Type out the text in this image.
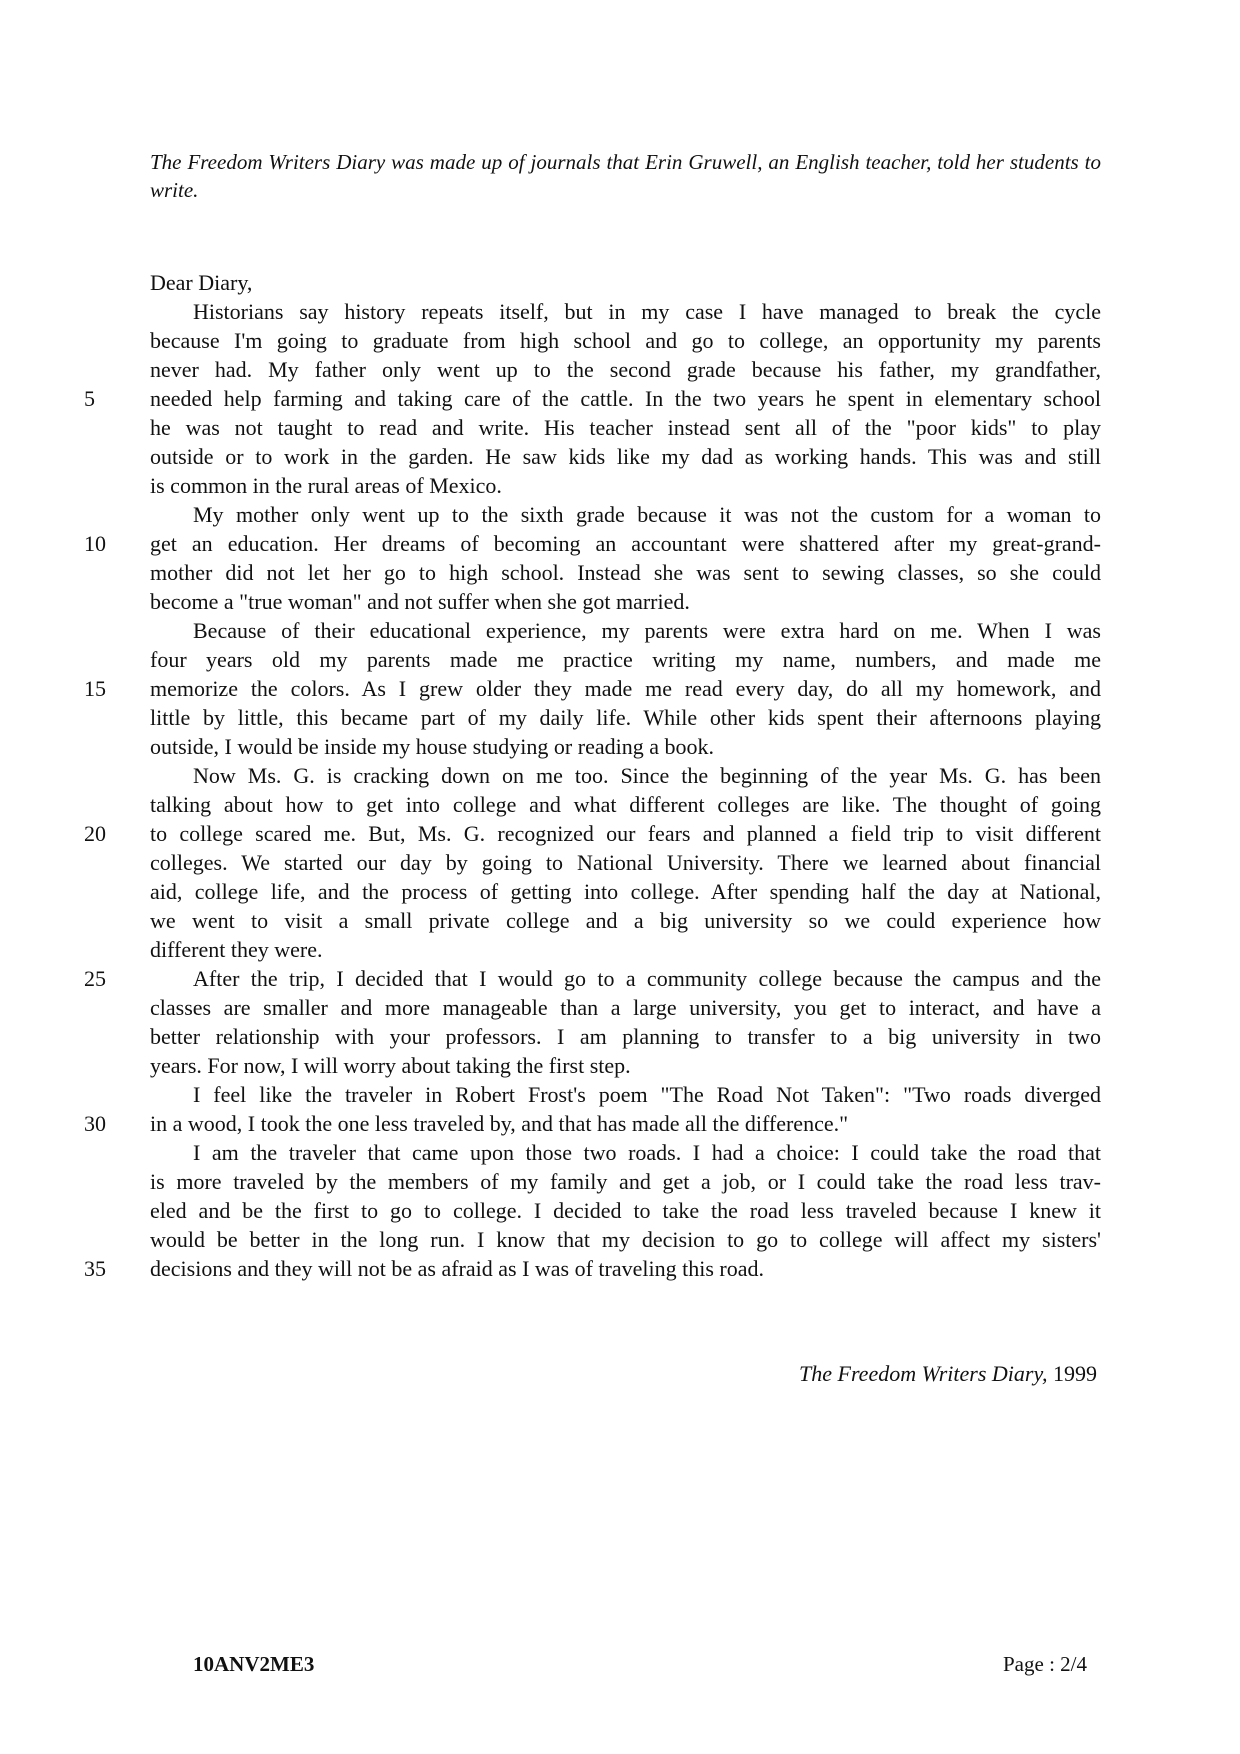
The Freedom Writers Diary was made up of journals that Erin Gruwell, an English teacher, told her students to write.
Dear Diary,
Historians say history repeats itself, but in my case I have managed to break the cycle
because I'm going to graduate from high school and go to college, an opportunity my parents
never had. My father only went up to the second grade because his father, my grandfather,
5	needed help farming and taking care of the cattle. In the two years he spent in elementary school
he was not taught to read and write. His teacher instead sent all of the "poor kids" to play
outside or to work in the garden. He saw kids like my dad as working hands. This was and still
is common in the rural areas of Mexico.
My mother only went up to the sixth grade because it was not the custom for a woman to
10	get an education. Her dreams of becoming an accountant were shattered after my great-grand-
mother did not let her go to high school. Instead she was sent to sewing classes, so she could
become a "true woman" and not suffer when she got married.
Because of their educational experience, my parents were extra hard on me. When I was
four years old my parents made me practice writing my name, numbers, and made me
15	memorize the colors. As I grew older they made me read every day, do all my homework, and
little by little, this became part of my daily life. While other kids spent their afternoons playing
outside, I would be inside my house studying or reading a book.
Now Ms. G. is cracking down on me too. Since the beginning of the year Ms. G. has been
talking about how to get into college and what different colleges are like. The thought of going
20	to college scared me. But, Ms. G. recognized our fears and planned a field trip to visit different
colleges. We started our day by going to National University. There we learned about financial
aid, college life, and the process of getting into college. After spending half the day at National,
we went to visit a small private college and a big university so we could experience how
different they were.
25	After the trip, I decided that I would go to a community college because the campus and the
classes are smaller and more manageable than a large university, you get to interact, and have a
better relationship with your professors. I am planning to transfer to a big university in two
years. For now, I will worry about taking the first step.
I feel like the traveler in Robert Frost's poem "The Road Not Taken": "Two roads diverged
30	in a wood, I took the one less traveled by, and that has made all the difference."
I am the traveler that came upon those two roads. I had a choice: I could take the road that
is more traveled by the members of my family and get a job, or I could take the road less trav-
eled and be the first to go to college. I decided to take the road less traveled because I knew it
would be better in the long run. I know that my decision to go to college will affect my sisters'
35	decisions and they will not be as afraid as I was of traveling this road.
The Freedom Writers Diary, 1999
10ANV2ME3	Page : 2/4
